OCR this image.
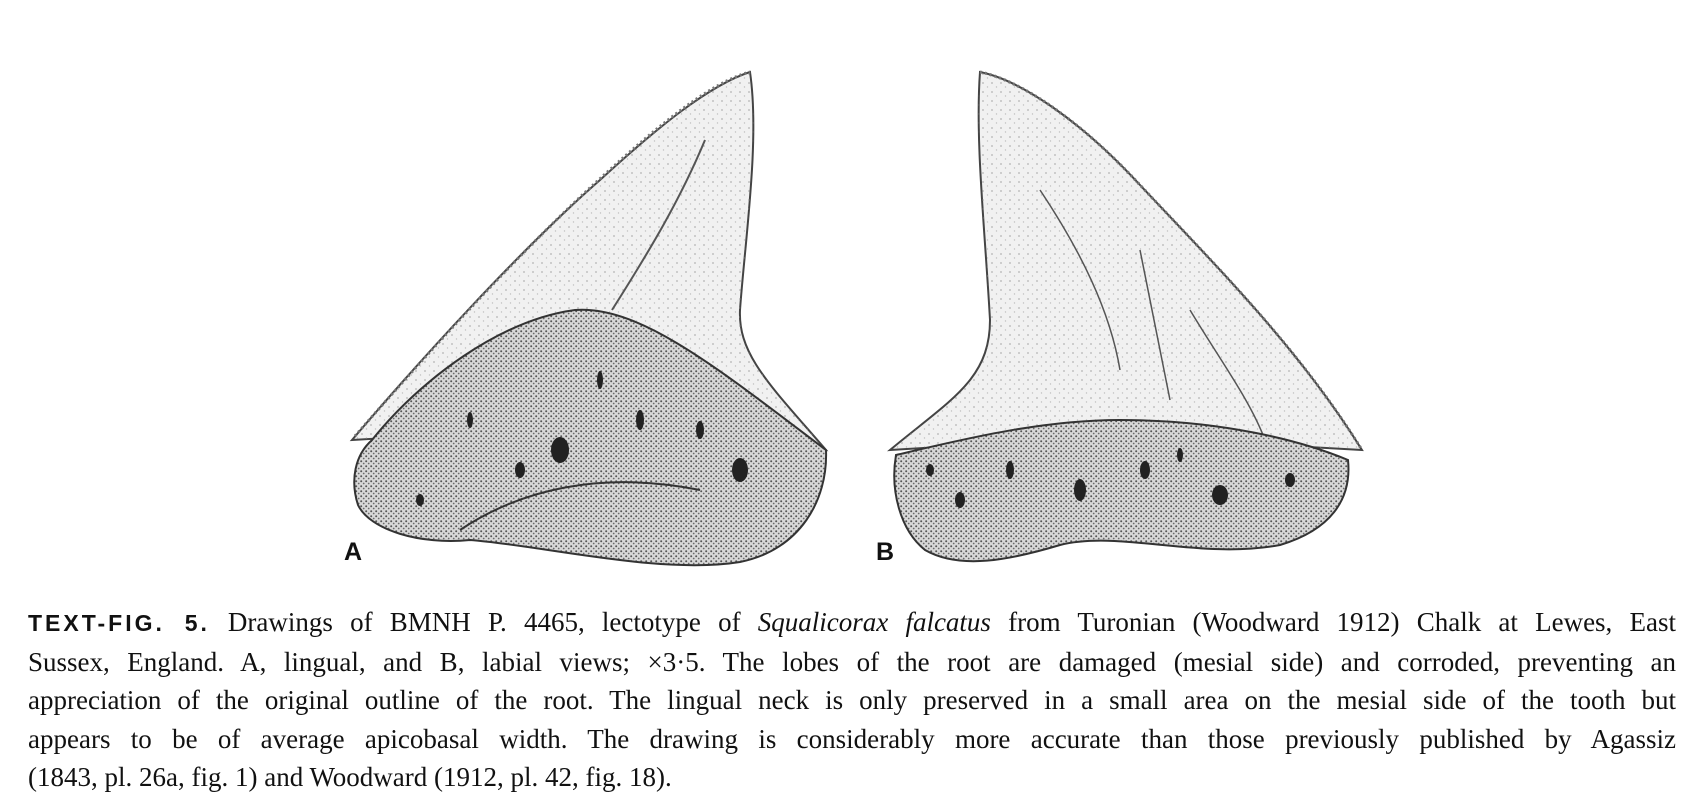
A	B
TEXT-FIG. 5. Drawings of BMNH P. 4465, lectotype of Squalicorax falcatus from Turonian (Woodward 1912) Chalk at Lewes, East
Sussex, England. A, lingual, and B, labial views; ×3·5. The lobes of the root are damaged (mesial side) and corroded, preventing an
appreciation of the original outline of the root. The lingual neck is only preserved in a small area on the mesial side of the tooth but
appears to be of average apicobasal width. The drawing is considerably more accurate than those previously published by Agassiz
(1843, pl. 26a, fig. 1) and Woodward (1912, pl. 42, fig. 18).
